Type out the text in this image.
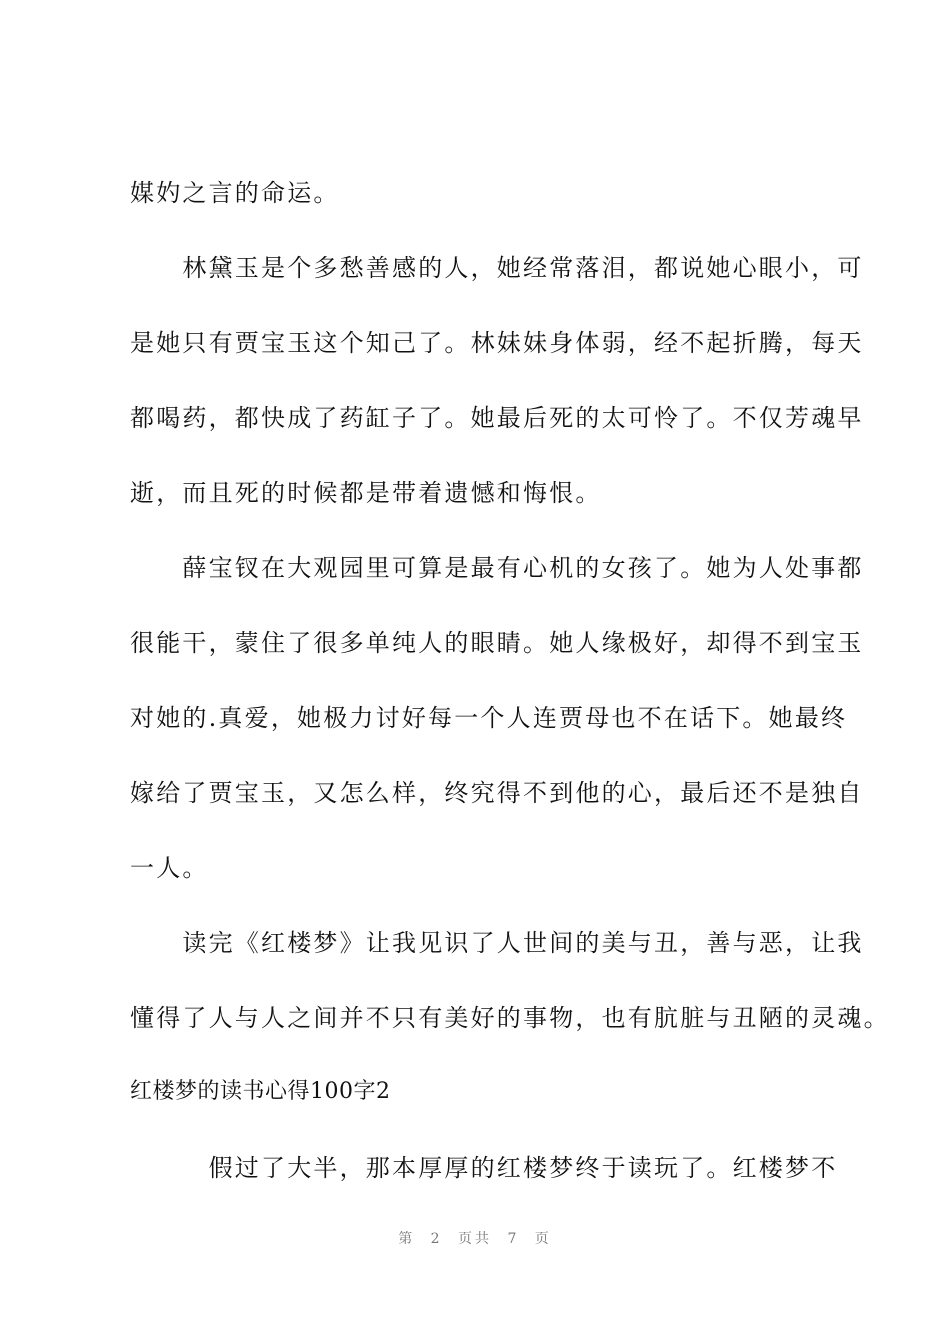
媒妁之言的命运。
　　林黛玉是个多愁善感的人，她经常落泪，都说她心眼小，可
是她只有贾宝玉这个知己了。林妹妹身体弱，经不起折腾，每天
都喝药，都快成了药缸子了。她最后死的太可怜了。不仅芳魂早
逝，而且死的时候都是带着遗憾和悔恨。
　　薛宝钗在大观园里可算是最有心机的女孩了。她为人处事都
很能干，蒙住了很多单纯人的眼睛。她人缘极好，却得不到宝玉
对她的.真爱，她极力讨好每一个人连贾母也不在话下。她最终
嫁给了贾宝玉，又怎么样，终究得不到他的心，最后还不是独自
一人。
　　读完《红楼梦》让我见识了人世间的美与丑，善与恶，让我
懂得了人与人之间并不只有美好的事物，也有肮脏与丑陋的灵魂。
红楼梦的读书心得100字2
　　　假过了大半，那本厚厚的红楼梦终于读玩了。红楼梦不
第 2 页共 7 页
